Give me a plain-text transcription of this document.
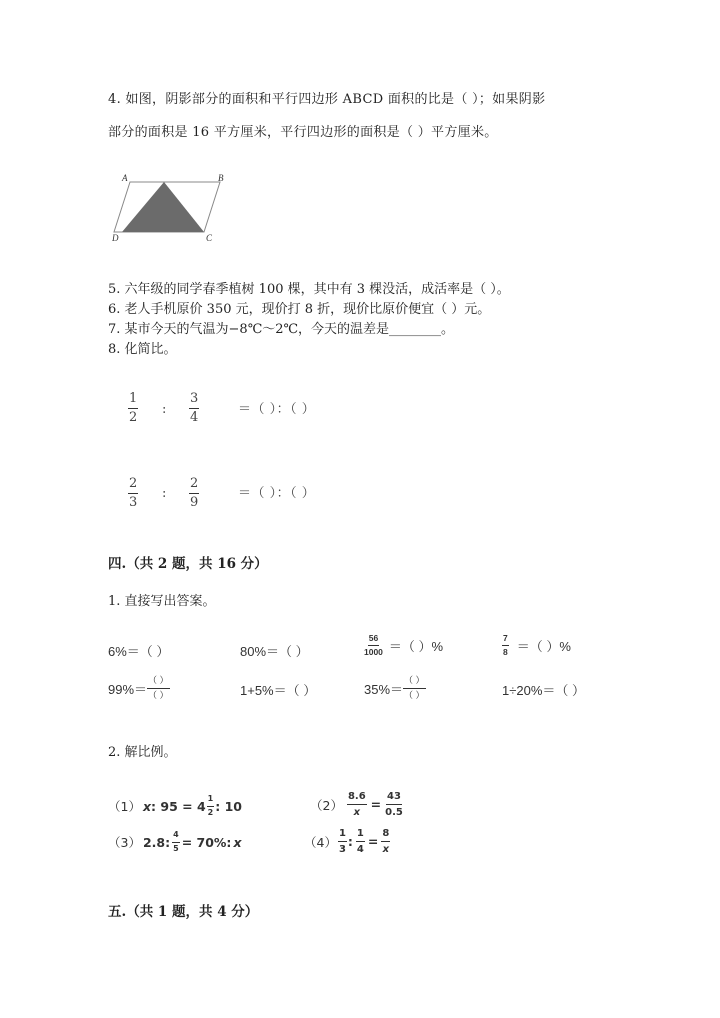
4. 如图，阴影部分的面积和平行四边形 ABCD 面积的比是（ ）；如果阴影
部分的面积是 16 平方厘米，平行四边形的面积是（ ）平方厘米。
A	B
D	C
5. 六年级的同学春季植树 100 棵，其中有 3 棵没活，成活率是（ ）。
6. 老人手机原价 350 元，现价打 8 折，现价比原价便宜（ ）元。
7. 某市今天的气温为−8℃～2℃，今天的温差是________。
8. 化简比。
$\frac{1}{2}$ : $\frac{3}{4}$	＝（ ）：（ ）
$\frac{2}{3}$ : $\frac{2}{9}$	＝（ ）：（ ）
四.（共 2 题，共 16 分）
1. 直接写出答案。
6%＝（ ）	80%＝（ ）	$\frac{56}{1000}$ ＝（ ）%	$\frac{7}{8}$ ＝（ ）%
$99\%= \frac{( )}{( )}$	1+5%＝（ ）	$35\%= \frac{( )}{( )}$	1÷20%＝（ ）
2. 解比例。
（1） x : $95 = 4 \frac{1}{2}$ : 10	$(2) \frac{8.6}{x} = \frac{43}{0.5}$
（3） 2.8: $\frac{4}{5} = 70\%$: x	$(4) \frac{1}{3}$ : $\frac{1}{4} = \frac{8}{x}$
五.（共 1 题，共 4 分）
